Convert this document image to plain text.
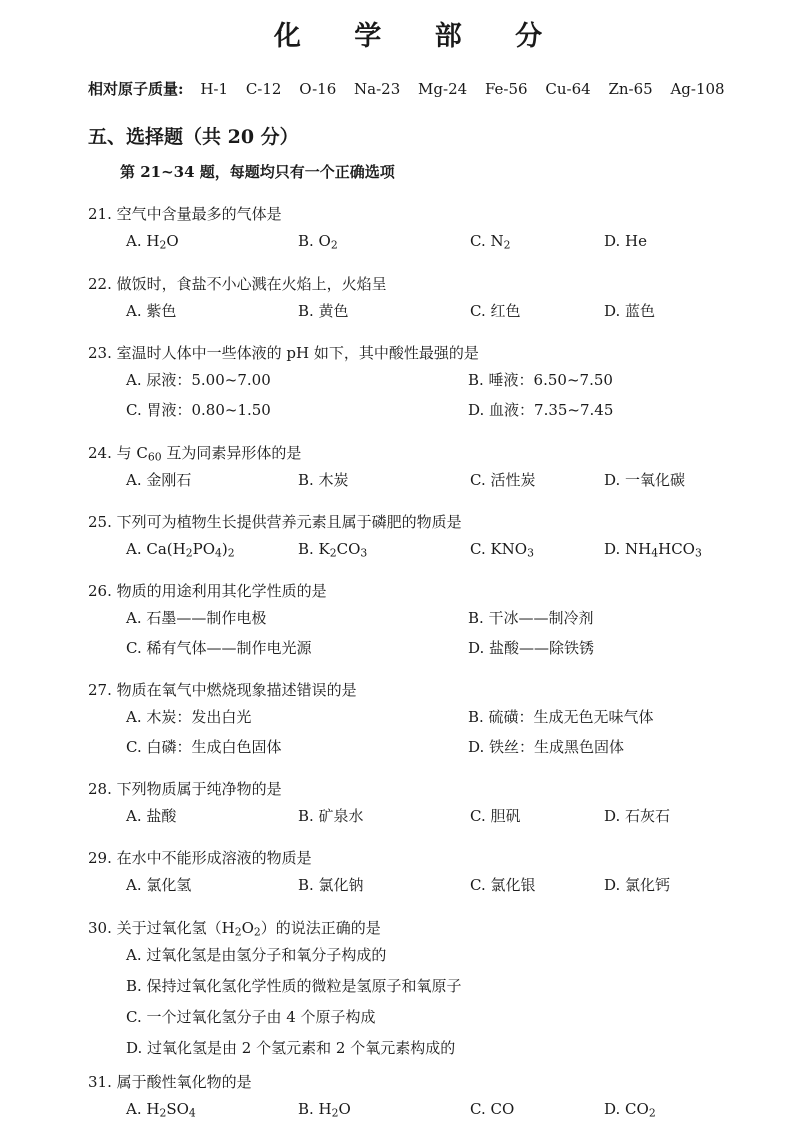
化 学 部 分
相对原子质量: H-1 C-12 O-16 Na-23 Mg-24 Fe-56 Cu-64 Zn-65 Ag-108
五、选择题（共 20 分）
第 21~34 题，每题均只有一个正确选项
21. 空气中含量最多的气体是
A. $H_2O$	B. $O_2$	C. $N_2$	D. He
22. 做饭时，食盐不小心溅在火焰上，火焰呈
A. 紫色	B. 黄色	C. 红色	D. 蓝色
23. 室温时人体中一些体液的 pH 如下，其中酸性最强的是
A. 尿液：5.00~7.00	B. 唾液：6.50~7.50
C. 胃液：0.80~1.50	D. 血液：7.35~7.45
24. 与 $C_{60}$ 互为同素异形体的是
A. 金刚石	B. 木炭	C. 活性炭	D. 一氧化碳
25. 下列可为植物生长提供营养元素且属于磷肥的物质是
A. $Ca(H_2PO_4)_2$	B. $K_2CO_3$	C. $KNO_3$	D. $NH_4HCO_3$
26. 物质的用途利用其化学性质的是
A. 石墨——制作电极	B. 干冰——制冷剂
C. 稀有气体——制作电光源	D. 盐酸——除铁锈
27. 物质在氧气中燃烧现象描述错误的是
A. 木炭：发出白光	B. 硫磺：生成无色无味气体
C. 白磷：生成白色固体	D. 铁丝：生成黑色固体
28. 下列物质属于纯净物的是
A. 盐酸	B. 矿泉水	C. 胆矾	D. 石灰石
29. 在水中不能形成溶液的物质是
A. 氯化氢	B. 氯化钠	C. 氯化银	D. 氯化钙
30. 关于过氧化氢$(H_2O_2)$的说法正确的是
A. 过氧化氢是由氢分子和氧分子构成的
B. 保持过氧化氢化学性质的微粒是氢原子和氧原子
C. 一个过氧化氢分子由 4 个原子构成
D. 过氧化氢是由 2 个氢元素和 2 个氧元素构成的
31. 属于酸性氧化物的是
A. $H_2SO_4$	B. $H_2O$	C. CO	D. $CO_2$
